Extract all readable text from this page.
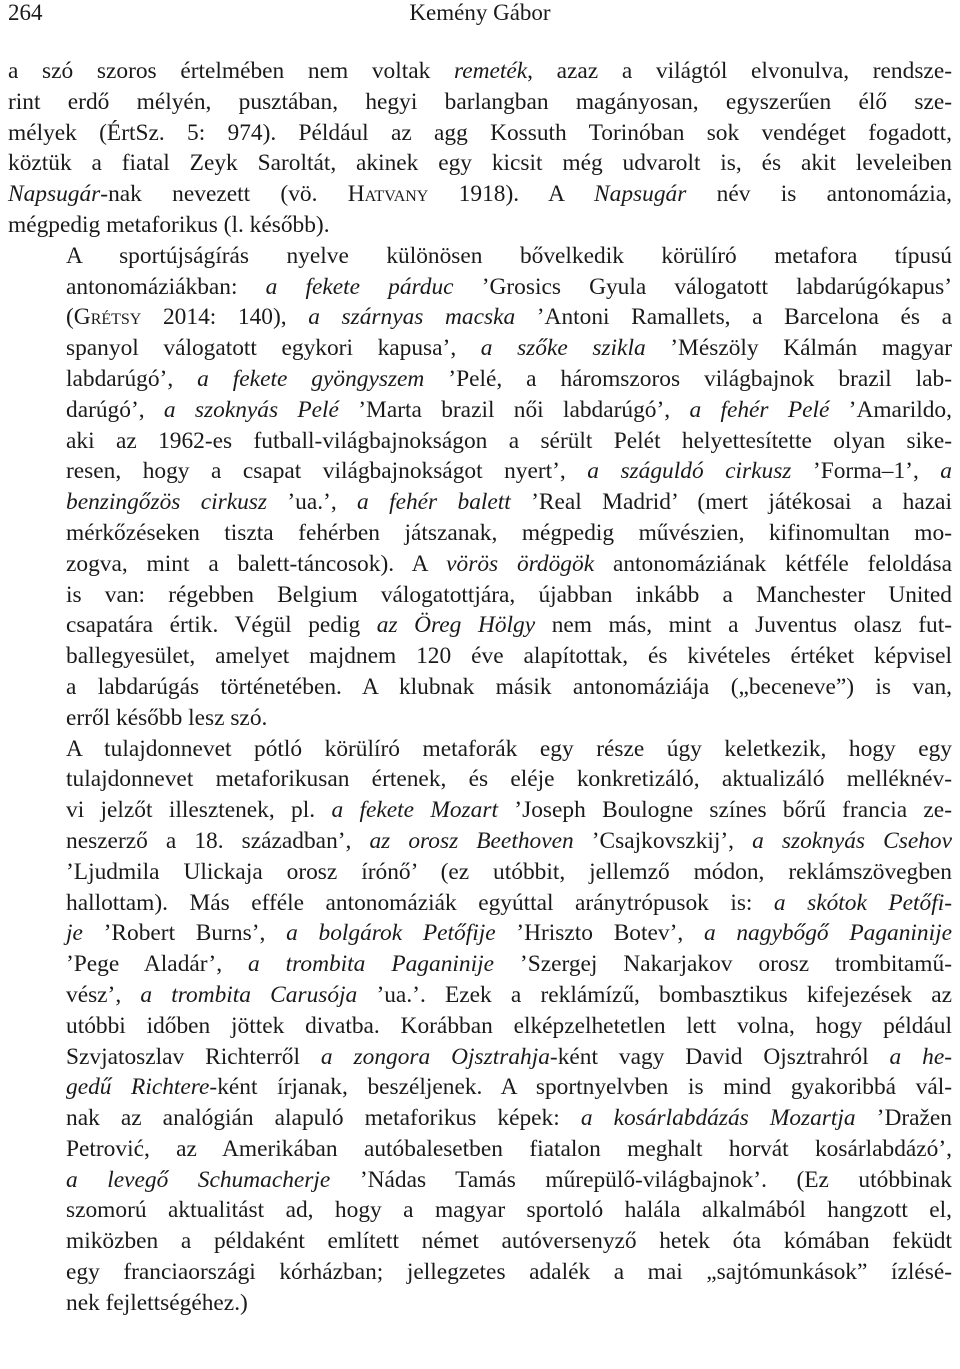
264	Kemény Gábor

a szó szoros értelmében nem voltak remeték, azaz a világtól elvonulva, rendsze-
rint erdő mélyén, pusztában, hegyi barlangban magányosan, egyszerűen élő sze-
mélyek (ÉrtSz. 5: 974). Például az agg Kossuth Torinóban sok vendéget fogadott,
köztük a fiatal Zeyk Saroltát, akinek egy kicsit még udvarolt is, és akit leveleiben
Napsugár-nak nevezett (vö. Hatvany 1918). A Napsugár név is antonomázia,
mégpedig metaforikus (l. később).

A sportújságírás nyelve különösen bővelkedik körülíró metafora típusú
antonomáziákban: a fekete párduc ’Grosics Gyula válogatott labdarúgókapus’
(Grétsy 2014: 140), a szárnyas macska ’Antoni Ramallets, a Barcelona és a
spanyol válogatott egykori kapusa’, a szőke szikla ’Mészöly Kálmán magyar
labdarúgó’, a fekete gyöngyszem ’Pelé, a háromszoros világbajnok brazil lab-
darúgó’, a szoknyás Pelé ’Marta brazil női labdarúgó’, a fehér Pelé ’Amarildo,
aki az 1962-es futball-világbajnokságon a sérült Pelét helyettesítette olyan sike-
resen, hogy a csapat világbajnokságot nyert’, a száguldó cirkusz ’Forma–1’, a
benzingőzös cirkusz ’ua.’, a fehér balett ’Real Madrid’ (mert játékosai a hazai
mérkőzéseken tiszta fehérben játszanak, mégpedig művészien, kifinomultan mo-
zogva, mint a balett-táncosok). A vörös ördögök antonomáziának kétféle feloldása
is van: régebben Belgium válogatottjára, újabban inkább a Manchester United
csapatára értik. Végül pedig az Öreg Hölgy nem más, mint a Juventus olasz fut-
ballegyesület, amelyet majdnem 120 éve alapítottak, és kivételes értéket képvisel
a labdarúgás történetében. A klubnak másik antonomáziája („beceneve”) is van,
erről később lesz szó.

A tulajdonnevet pótló körülíró metaforák egy része úgy keletkezik, hogy egy
tulajdonnevet metaforikusan értenek, és eléje konkretizáló, aktualizáló melléknév-
vi jelzőt illesztenek, pl. a fekete Mozart ’Joseph Boulogne színes bőrű francia ze-
neszerző a 18. században’, az orosz Beethoven ’Csajkovszkij’, a szoknyás Csehov
’Ljudmila Ulickaja orosz írónő’ (ez utóbbit, jellemző módon, reklámszövegben
hallottam). Más efféle antonomáziák egyúttal aránytrópusok is: a skótok Petőfi-
je ’Robert Burns’, a bolgárok Petőfije ’Hriszto Botev’, a nagybőgő Paganinije
’Pege Aladár’, a trombita Paganinije ’Szergej Nakarjakov orosz trombitamű-
vész’, a trombita Carusója ’ua.’. Ezek a reklámízű, bombasztikus kifejezések az
utóbbi időben jöttek divatba. Korábban elképzelhetetlen lett volna, hogy például
Szvjatoszlav Richterről a zongora Ojsztrahja-ként vagy David Ojsztrahról a he-
gedű Richtere-ként írjanak, beszéljenek. A sportnyelvben is mind gyakoribbá vál-
nak az analógián alapuló metaforikus képek: a kosárlabdázás Mozartja ’Dražen
Petrović, az Amerikában autóbalesetben fiatalon meghalt horvát kosárlabdázó’,
a levegő Schumacherje ’Nádas Tamás műrepülő-világbajnok’. (Ez utóbbinak
szomorú aktualitást ad, hogy a magyar sportoló halála alkalmából hangzott el,
miközben a példaként említett német autóversenyző hetek óta kómában feküdt
egy franciaországi kórházban; jellegzetes adalék a mai „sajtómunkások” ízlésé-
nek fejlettségéhez.)
